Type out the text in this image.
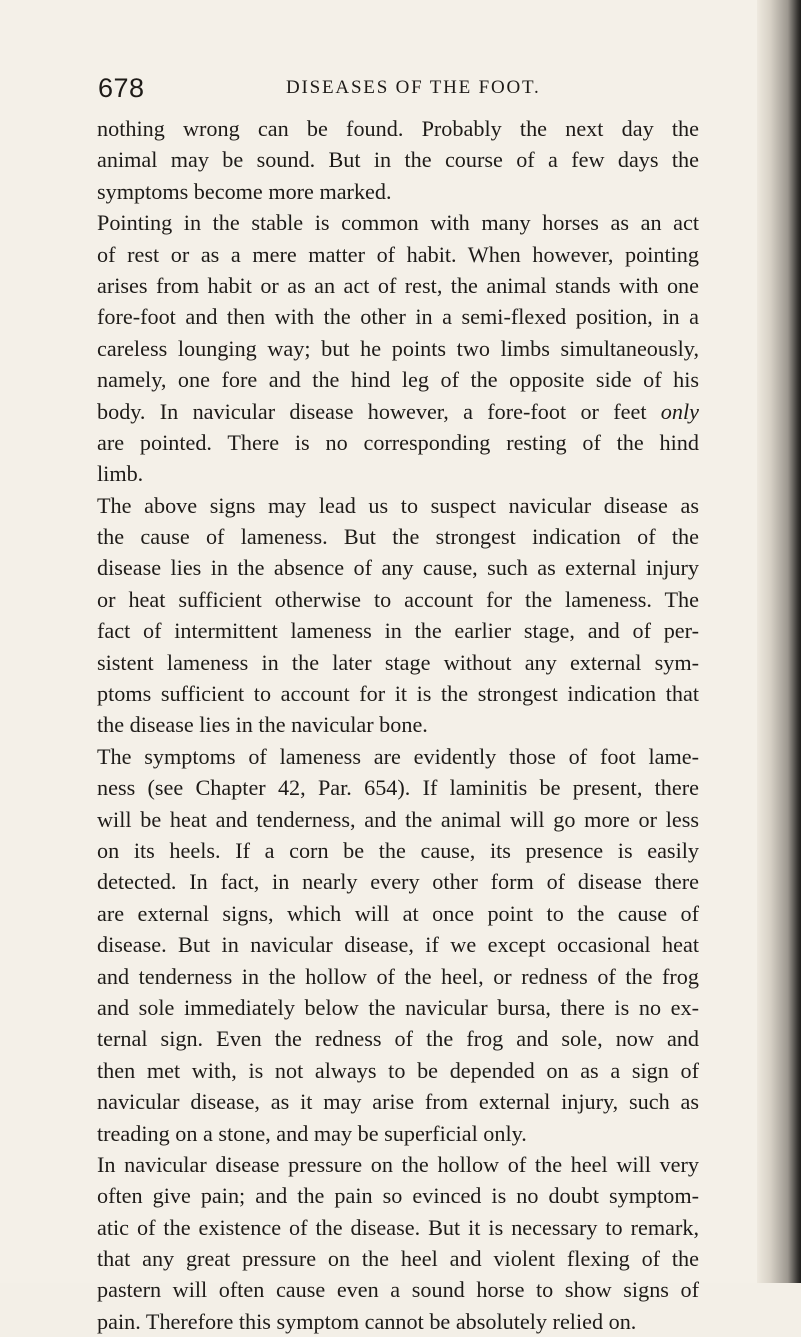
678	DISEASES OF THE FOOT.
nothing wrong can be found. Probably the next day the
animal may be sound. But in the course of a few days the
symptoms become more marked.
Pointing in the stable is common with many horses as an act
of rest or as a mere matter of habit. When however, pointing
arises from habit or as an act of rest, the animal stands with one
fore-foot and then with the other in a semi-flexed position, in a
careless lounging way; but he points two limbs simultaneously,
namely, one fore and the hind leg of the opposite side of his
body. In navicular disease however, a fore-foot or feet only
are pointed. There is no corresponding resting of the hind
limb.
The above signs may lead us to suspect navicular disease as
the cause of lameness. But the strongest indication of the
disease lies in the absence of any cause, such as external injury
or heat sufficient otherwise to account for the lameness. The
fact of intermittent lameness in the earlier stage, and of per-
sistent lameness in the later stage without any external sym-
ptoms sufficient to account for it is the strongest indication that
the disease lies in the navicular bone.
The symptoms of lameness are evidently those of foot lame-
ness (see Chapter 42, Par. 654). If laminitis be present, there
will be heat and tenderness, and the animal will go more or less
on its heels. If a corn be the cause, its presence is easily
detected. In fact, in nearly every other form of disease there
are external signs, which will at once point to the cause of
disease. But in navicular disease, if we except occasional heat
and tenderness in the hollow of the heel, or redness of the frog
and sole immediately below the navicular bursa, there is no ex-
ternal sign. Even the redness of the frog and sole, now and
then met with, is not always to be depended on as a sign of
navicular disease, as it may arise from external injury, such as
treading on a stone, and may be superficial only.
In navicular disease pressure on the hollow of the heel will very
often give pain; and the pain so evinced is no doubt symptom-
atic of the existence of the disease. But it is necessary to remark,
that any great pressure on the heel and violent flexing of the
pastern will often cause even a sound horse to show signs of
pain. Therefore this symptom cannot be absolutely relied on.
